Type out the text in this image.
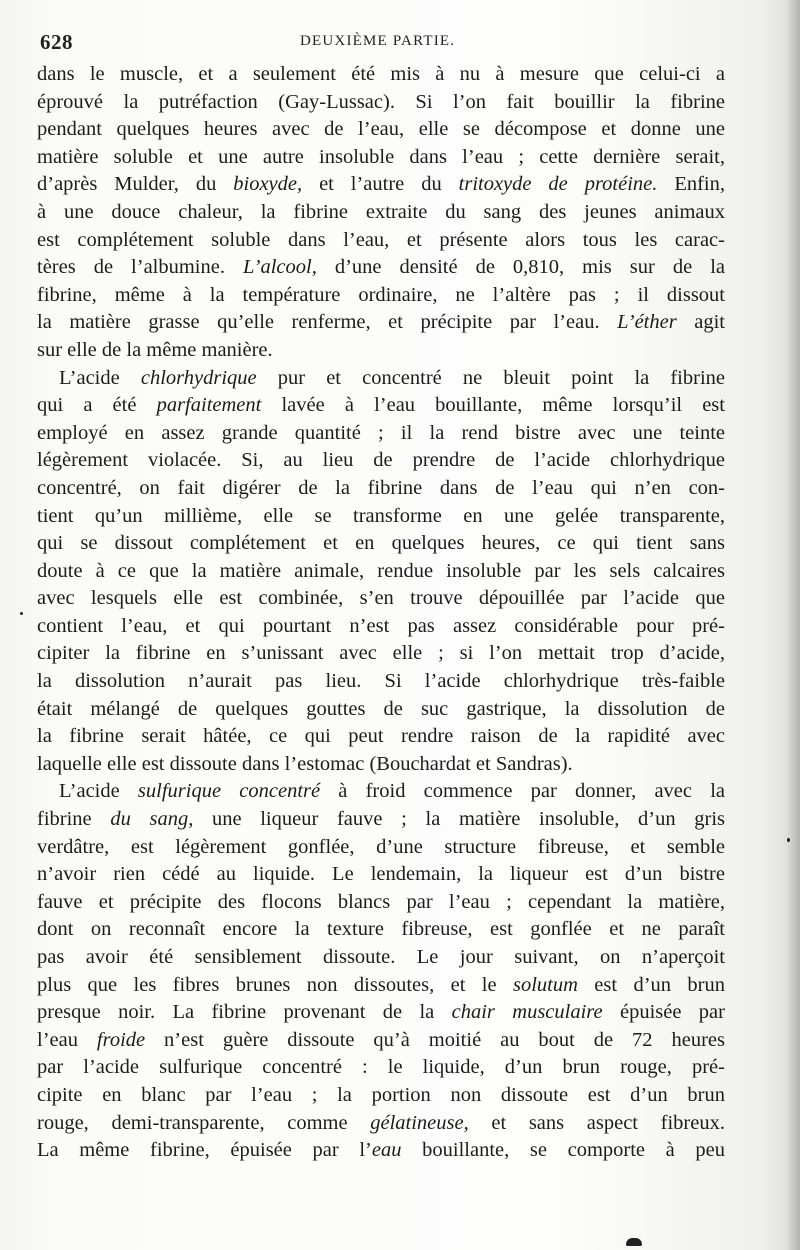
628	DEUXIÈME PARTIE.
dans le muscle, et a seulement été mis à nu à mesure que celui-ci a
éprouvé la putréfaction (Gay-Lussac). Si l’on fait bouillir la fibrine
pendant quelques heures avec de l’eau, elle se décompose et donne une
matière soluble et une autre insoluble dans l’eau ; cette dernière serait,
d’après Mulder, du bioxyde, et l’autre du tritoxyde de protéine. Enfin,
à une douce chaleur, la fibrine extraite du sang des jeunes animaux
est complétement soluble dans l’eau, et présente alors tous les carac-
tères de l’albumine. L’alcool, d’une densité de 0,810, mis sur de la
fibrine, même à la température ordinaire, ne l’altère pas ; il dissout
la matière grasse qu’elle renferme, et précipite par l’eau. L’éther agit
sur elle de la même manière.
L’acide chlorhydrique pur et concentré ne bleuit point la fibrine
qui a été parfaitement lavée à l’eau bouillante, même lorsqu’il est
employé en assez grande quantité ; il la rend bistre avec une teinte
légèrement violacée. Si, au lieu de prendre de l’acide chlorhydrique
concentré, on fait digérer de la fibrine dans de l’eau qui n’en con-
tient qu’un millième, elle se transforme en une gelée transparente,
qui se dissout complétement et en quelques heures, ce qui tient sans
doute à ce que la matière animale, rendue insoluble par les sels calcaires
avec lesquels elle est combinée, s’en trouve dépouillée par l’acide que
contient l’eau, et qui pourtant n’est pas assez considérable pour pré-
cipiter la fibrine en s’unissant avec elle ; si l’on mettait trop d’acide,
la dissolution n’aurait pas lieu. Si l’acide chlorhydrique très-faible
était mélangé de quelques gouttes de suc gastrique, la dissolution de
la fibrine serait hâtée, ce qui peut rendre raison de la rapidité avec
laquelle elle est dissoute dans l’estomac (Bouchardat et Sandras).
L’acide sulfurique concentré à froid commence par donner, avec la
fibrine du sang, une liqueur fauve ; la matière insoluble, d’un gris
verdâtre, est légèrement gonflée, d’une structure fibreuse, et semble
n’avoir rien cédé au liquide. Le lendemain, la liqueur est d’un bistre
fauve et précipite des flocons blancs par l’eau ; cependant la matière,
dont on reconnaît encore la texture fibreuse, est gonflée et ne paraît
pas avoir été sensiblement dissoute. Le jour suivant, on n’aperçoit
plus que les fibres brunes non dissoutes, et le solutum est d’un brun
presque noir. La fibrine provenant de la chair musculaire épuisée par
l’eau froide n’est guère dissoute qu’à moitié au bout de 72 heures
par l’acide sulfurique concentré : le liquide, d’un brun rouge, pré-
cipite en blanc par l’eau ; la portion non dissoute est d’un brun
rouge, demi-transparente, comme gélatineuse, et sans aspect fibreux.
La même fibrine, épuisée par l’eau bouillante, se comporte à peu
